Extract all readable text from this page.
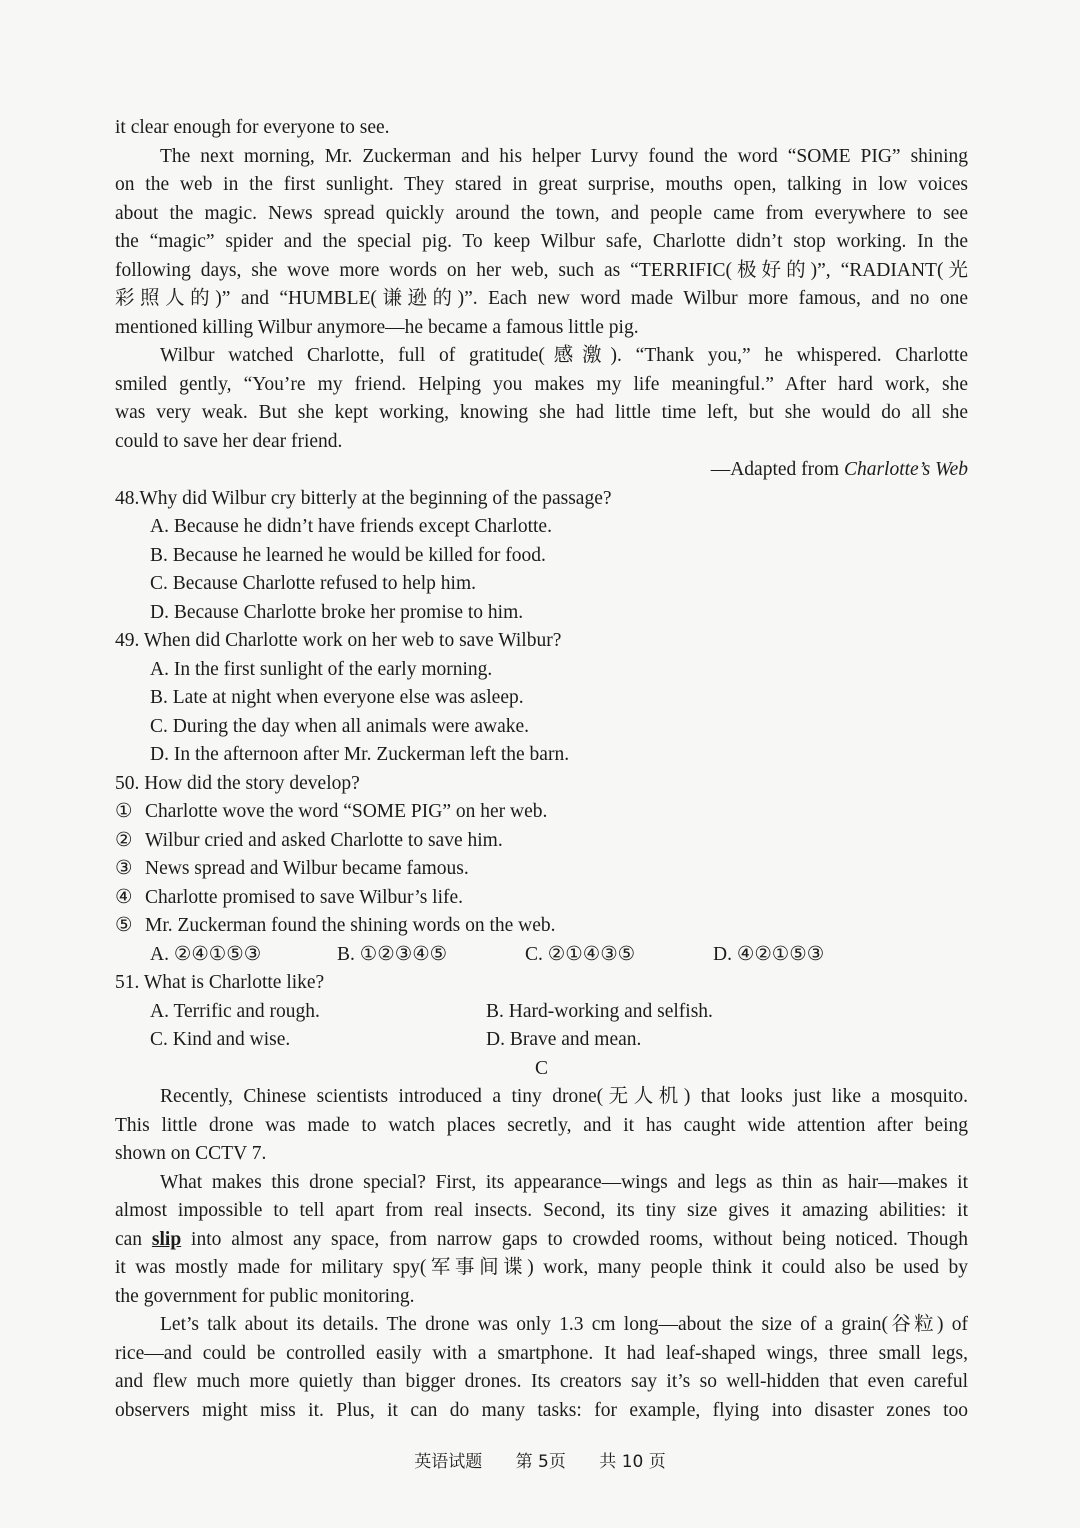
it clear enough for everyone to see.
The next morning, Mr. Zuckerman and his helper Lurvy found the word “SOME PIG” shining
on the web in the first sunlight. They stared in great surprise, mouths open, talking in low voices
about the magic. News spread quickly around the town, and people came from everywhere to see
the “magic” spider and the special pig. To keep Wilbur safe, Charlotte didn’t stop working. In the
following days, she wove more words on her web, such as “TERRIFIC(极好的)”, “RADIANT(光
彩照人的)” and “HUMBLE(谦逊的)”. Each new word made Wilbur more famous, and no one
mentioned killing Wilbur anymore—he became a famous little pig.
Wilbur watched Charlotte, full of gratitude(感激). “Thank you,” he whispered. Charlotte
smiled gently, “You’re my friend. Helping you makes my life meaningful.” After hard work, she
was very weak. But she kept working, knowing she had little time left, but she would do all she
could to save her dear friend.
—Adapted from Charlotte’s Web
48.Why did Wilbur cry bitterly at the beginning of the passage?
A. Because he didn’t have friends except Charlotte.
B. Because he learned he would be killed for food.
C. Because Charlotte refused to help him.
D. Because Charlotte broke her promise to him.
49. When did Charlotte work on her web to save Wilbur?
A. In the first sunlight of the early morning.
B. Late at night when everyone else was asleep.
C. During the day when all animals were awake.
D. In the afternoon after Mr. Zuckerman left the barn.
50. How did the story develop?
① Charlotte wove the word “SOME PIG” on her web.
② Wilbur cried and asked Charlotte to save him.
③ News spread and Wilbur became famous.
④ Charlotte promised to save Wilbur’s life.
⑤ Mr. Zuckerman found the shining words on the web.
A. ②④①⑤③	B. ①②③④⑤	C. ②①④③⑤	D. ④②①⑤③
51. What is Charlotte like?
A. Terrific and rough.	B. Hard-working and selfish.
C. Kind and wise.	D. Brave and mean.
C
Recently, Chinese scientists introduced a tiny drone(无人机) that looks just like a mosquito.
This little drone was made to watch places secretly, and it has caught wide attention after being
shown on CCTV 7.
What makes this drone special? First, its appearance—wings and legs as thin as hair—makes it
almost impossible to tell apart from real insects. Second, its tiny size gives it amazing abilities: it
can slip into almost any space, from narrow gaps to crowded rooms, without being noticed. Though
it was mostly made for military spy(军事间谍) work, many people think it could also be used by
the government for public monitoring.
Let’s talk about its details. The drone was only 1.3 cm long—about the size of a grain(谷粒) of
rice—and could be controlled easily with a smartphone. It had leaf-shaped wings, three small legs,
and flew much more quietly than bigger drones. Its creators say it’s so well-hidden that even careful
observers might miss it. Plus, it can do many tasks: for example, flying into disaster zones too
英语试题 第 5页 共 10 页
